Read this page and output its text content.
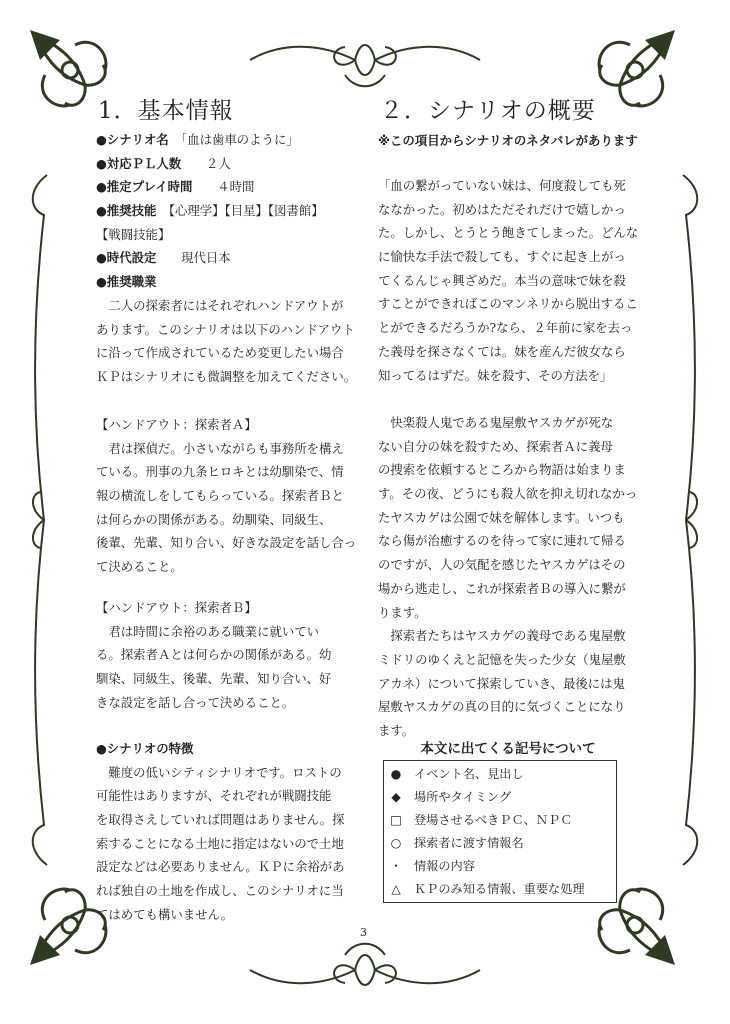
1．基本情報	２．シナリオの概要
●シナリオ名　 「血は歯車のように」
●対応ＰＬ人数　　２人
●推定プレイ時間　　４時間
●推奨技能　 【心理学】【目星】【図書館】
【戦闘技能】
●時代設定　　現代日本
●推奨職業　
　二人の探索者にはそれぞれハンドアウトが
あります。このシナリオは以下のハンドアウト
に沿って作成されているため変更したい場合
ＫＰはシナリオにも微調整を加えてください。
【ハンドアウト：探索者Ａ】
　君は探偵だ。小さいながらも事務所を構え
ている。刑事の九条ヒロキとは幼馴染で、情
報の横流しをしてもらっている。探索者Ｂと
は何らかの関係がある。幼馴染、同級生、
後輩、先輩、知り合い、好きな設定を話し合っ
て決めること。
【ハンドアウト：探索者Ｂ】
　君は時間に余裕のある職業に就いてい
る。探索者Ａとは何らかの関係がある。幼
馴染、同級生、後輩、先輩、知り合い、好
きな設定を話し合って決めること。
●シナリオの特徴　
　難度の低いシティシナリオです。ロストの
可能性はありますが、それぞれが戦闘技能
を取得さえしていれば問題はありません。探
索することになる土地に指定はないので土地
設定などは必要ありません。ＫＰに余裕があ
れば独自の土地を作成し、このシナリオに当
てはめても構いません。
※この項目からシナリオのネタバレがあります
「血の繋がっていない妹は、何度殺しても死
ななかった。初めはただそれだけで嬉しかっ
た。しかし、とうとう飽きてしまった。どんな
に愉快な手法で殺しても、すぐに起き上がっ
てくるんじゃ興ざめだ。本当の意味で妹を殺
すことができればこのマンネリから脱出するこ
とができるだろうか?なら、２年前に家を去っ
た義母を探さなくては。妹を産んだ彼女なら
知ってるはずだ。妹を殺す、その方法を」
　快楽殺人鬼である鬼屋敷ヤスカゲが死な
ない自分の妹を殺すため、探索者Ａに義母
の捜索を依頼するところから物語は始まりま
す。その夜、どうにも殺人欲を抑え切れなかっ
たヤスカゲは公園で妹を解体します。いつも
なら傷が治癒するのを待って家に連れて帰る
のですが、人の気配を感じたヤスカゲはその
場から逃走し、これが探索者Ｂの導入に繋が
ります。
　探索者たちはヤスカゲの義母である鬼屋敷
ミドリのゆくえと記憶を失った少女（鬼屋敷
アカネ）について探索していき、最後には鬼
屋敷ヤスカゲの真の目的に気づくことになり
ます。
本文に出てくる記号について
● イベント名、見出し
◆ 場所やタイミング
□ 登場させるべきＰＣ、ＮＰＣ
○ 探索者に渡す情報名
・ 情報の内容
△ ＫＰのみ知る情報、重要な処理
3
